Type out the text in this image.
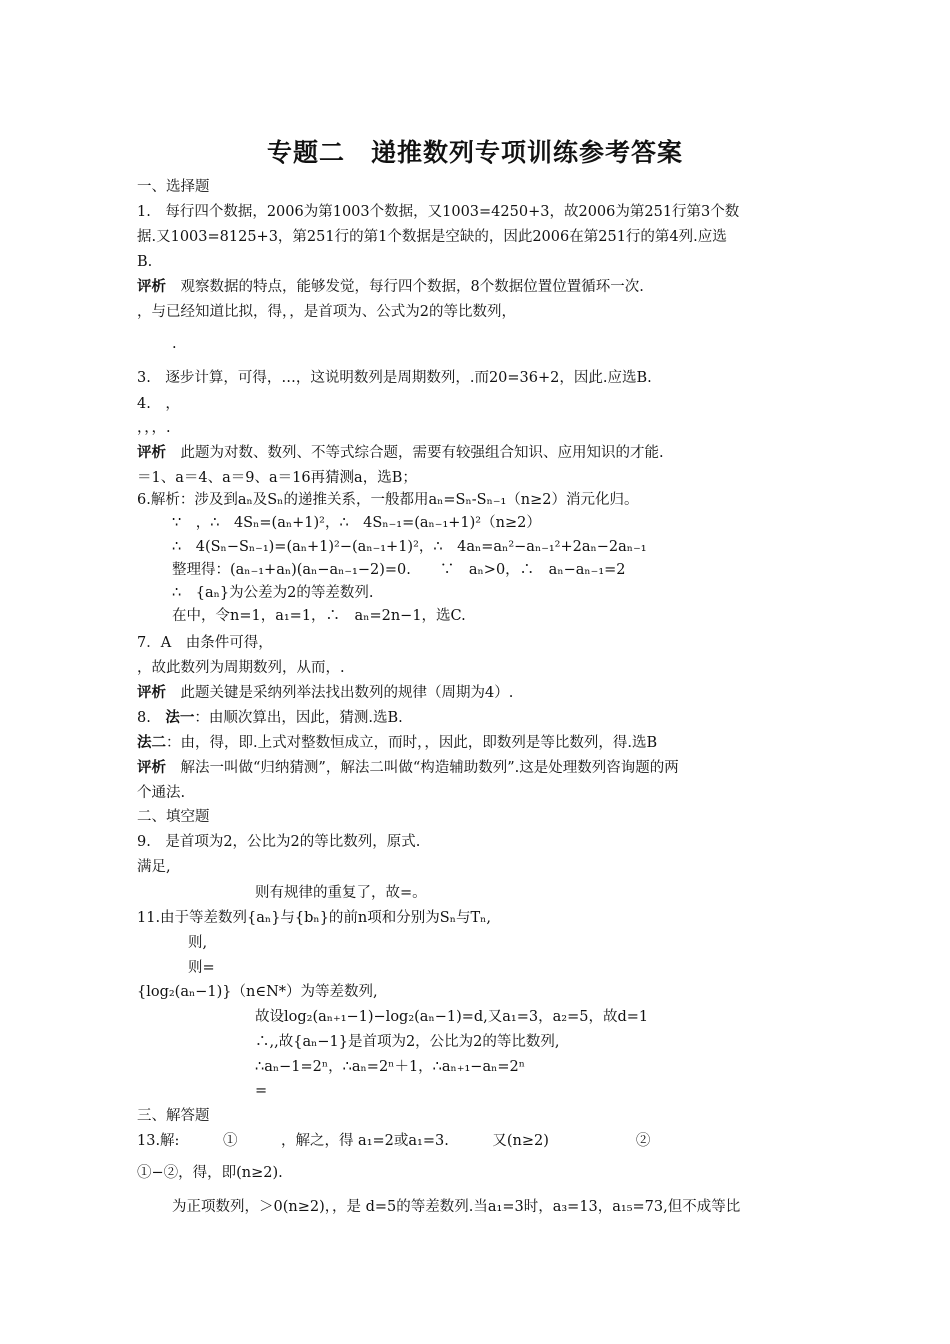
专题二　递推数列专项训练参考答案
一、选择题
1.　每行四个数据，2006为第1003个数据，又1003=4250+3，故2006为第251行第3个数
据.又1003=8125+3，第251行的第1个数据是空缺的，因此2006在第251行的第4列.应选
B.
评析　观察数据的特点，能够发觉，每行四个数据，8个数据位置位置循环一次.
，与已经知道比拟，得，，是首项为、公式为2的等比数列，
.
3.　逐步计算，可得，…，这说明数列是周期数列，.而20=36+2，因此.应选B.
4.　，
，，，.
评析　此题为对数、数列、不等式综合题，需要有较强组合知识、应用知识的才能.
＝1、a＝4、a＝9、a＝16再猜测a，选B；
6.解析：涉及到aₙ及Sₙ的递推关系，一般都用aₙ=Sₙ-Sₙ₋₁（n≥2）消元化归。
∵　，∴　4Sₙ=(aₙ+1)²，∴　4Sₙ₋₁=(aₙ₋₁+1)²（n≥2）
∴　4(Sₙ−Sₙ₋₁)=(aₙ+1)²−(aₙ₋₁+1)²，∴　4aₙ=aₙ²−aₙ₋₁²+2aₙ−2aₙ₋₁
整理得：(aₙ₋₁+aₙ)(aₙ−aₙ₋₁−2)=0.　　∵　aₙ>0，∴　aₙ−aₙ₋₁=2
∴　{aₙ}为公差为2的等差数列.
在中，令n=1，a₁=1，∴　aₙ=2n−1，选C.
7．A　由条件可得，
，故此数列为周期数列，从而，.
评析　此题关键是采纳列举法找出数列的规律（周期为4）.
8.　法一：由顺次算出，因此，猜测.选B.
法二：由，得，即.上式对整数恒成立，而时，，因此，即数列是等比数列，得.选B
评析　解法一叫做“归纳猜测”，解法二叫做“构造辅助数列”.这是处理数列咨询题的两
个通法.
二、填空题
9.　是首项为2，公比为2的等比数列，原式.
满足,
则有规律的重复了，故=。
11.由于等差数列{aₙ}与{bₙ}的前n项和分别为Sₙ与Tₙ,
则,
则=
{log₂(aₙ−1)}（n∈N*）为等差数列,
故设log₂(aₙ₊₁−1)−log₂(aₙ−1)=d,又a₁=3，a₂=5，故d=1
∴,,故{aₙ−1}是首项为2，公比为2的等比数列,
∴aₙ−1=2ⁿ，∴aₙ=2ⁿ＋1，∴aₙ₊₁−aₙ=2ⁿ
=
三、解答题
13.解:　　　①　　　，解之，得 a₁=2或a₁=3.　　　又(n≥2)　　　　　　②
①−②，得，即(n≥2).
为正项数列，＞0(n≥2)，，是 d=5的等差数列.当a₁=3时，a₃=13，a₁₅=73,但不成等比
